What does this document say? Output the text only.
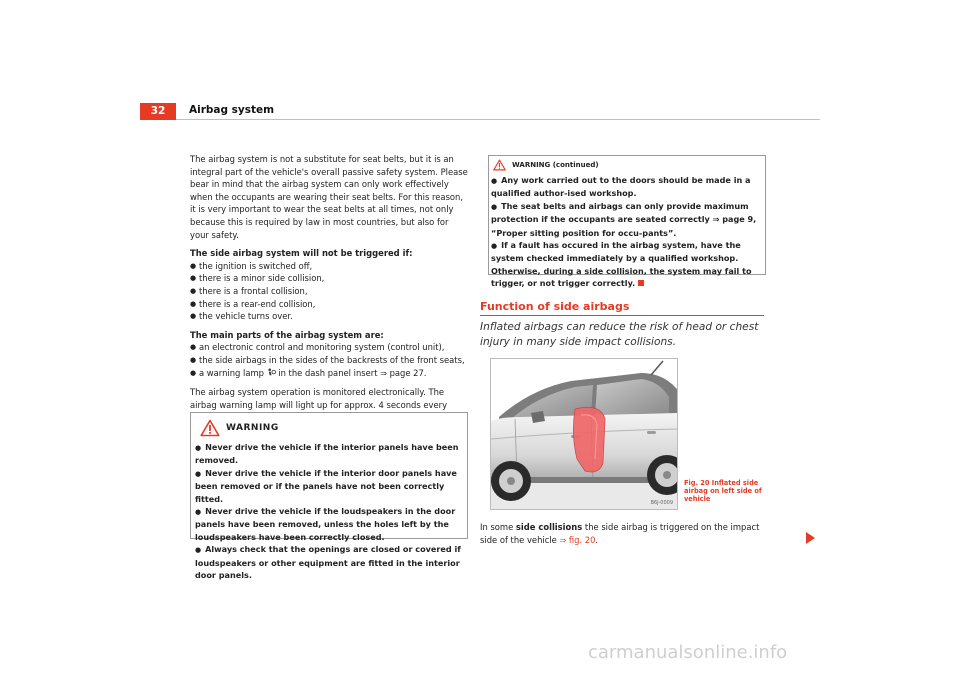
32	Airbag system

The airbag system is not a substitute for seat belts, but it is an integral part of the vehicle's overall passive safety system. Please bear in mind that the airbag system can only work effectively when the occupants are wearing their seat belts. For this reason, it is very important to wear the seat belts at all times, not only because this is required by law in most countries, but also for your safety.

The side airbag system will not be triggered if:

● the ignition is switched off,
● there is a minor side collision,
● there is a frontal collision,
● there is a rear-end collision,
● the vehicle turns over.

The main parts of the airbag system are:

● an electronic control and monitoring system (control unit),
● the side airbags in the sides of the backrests of the front seats,
● a warning lamp  in the dash panel insert ⇒ page 27.

The airbag system operation is monitored electronically. The airbag warning lamp will light up for approx. 4 seconds every

WARNING
● Never drive the vehicle if the interior panels have been removed.
● Never drive the vehicle if the interior door panels have been removed or if the panels have not been correctly fitted.
● Never drive the vehicle if the loudspeakers in the door panels have been removed, unless the holes left by the loudspeakers have been correctly closed.
● Always check that the openings are closed or covered if loudspeakers or other equipment are fitted in the interior door panels.
WARNING (continued)
● Any work carried out to the doors should be made in a qualified author-ised workshop.
● The seat belts and airbags can only provide maximum protection if the occupants are seated correctly ⇒ page 9, “Proper sitting position for occu-pants”.
● If a fault has occured in the airbag system, have the system checked immediately by a qualified workshop. Otherwise, during a side collision, the system may fail to trigger, or not trigger correctly.
Function of side airbags
Inflated airbags can reduce the risk of head or chest injury in many side impact collisions.
B6J-0009
Fig. 20 Inflated side airbag on left side of vehicle
In some side collisions the side airbag is triggered on the impact side of the vehicle ⇒ fig. 20.
carmanualsonline.info
